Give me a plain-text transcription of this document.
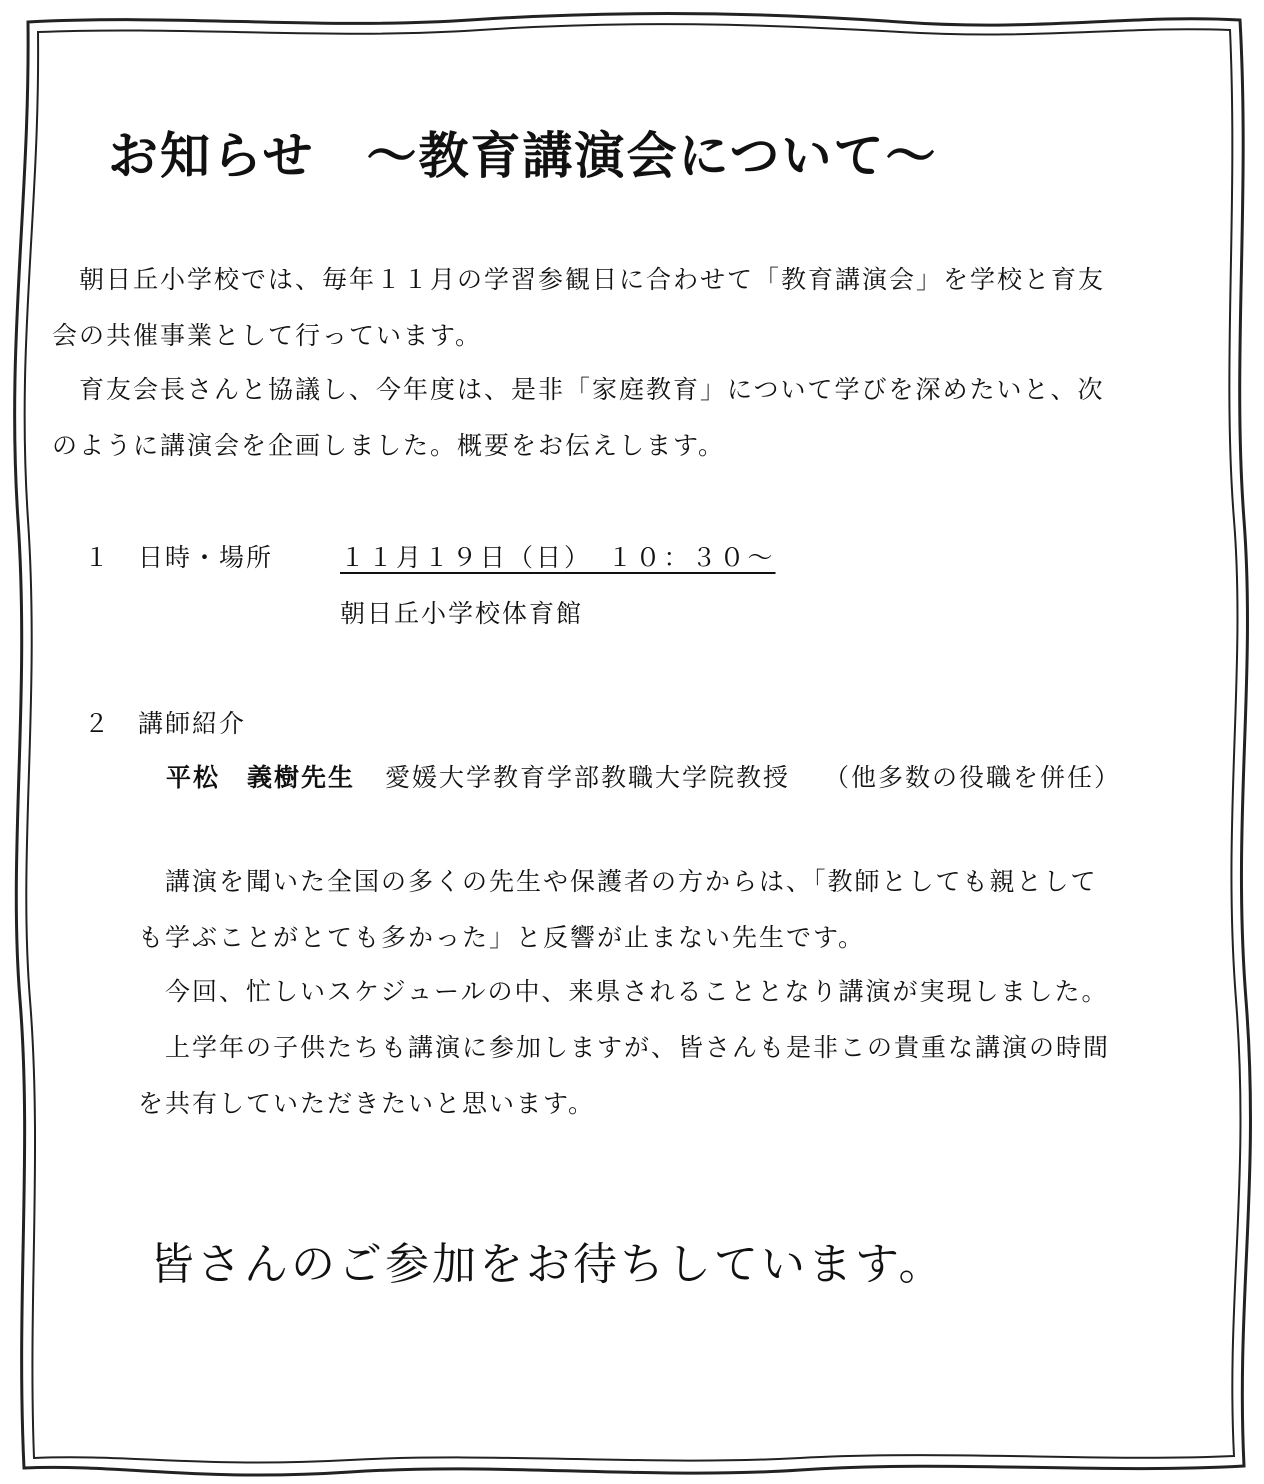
お知らせ　～教育講演会について～
　朝日丘小学校では、毎年１１月の学習参観日に合わせて「教育講演会」を学校と育友
会の共催事業として行っています。
　育友会長さんと協議し、今年度は、是非「家庭教育」について学びを深めたいと、次
のように講演会を企画しました。概要をお伝えします。
１ 日時・場所	１１月１９日（日）　１０：３０～
朝日丘小学校体育館
２ 講師紹介
平松　義樹先生 愛媛大学教育学部教職大学院教授 （他多数の役職を併任）
　講演を聞いた全国の多くの先生や保護者の方からは、「教師としても親として
も学ぶことがとても多かった」と反響が止まない先生です。
　今回、忙しいスケジュールの中、来県されることとなり講演が実現しました。
　上学年の子供たちも講演に参加しますが、皆さんも是非この貴重な講演の時間
を共有していただきたいと思います。
皆さんのご参加をお待ちしています。
